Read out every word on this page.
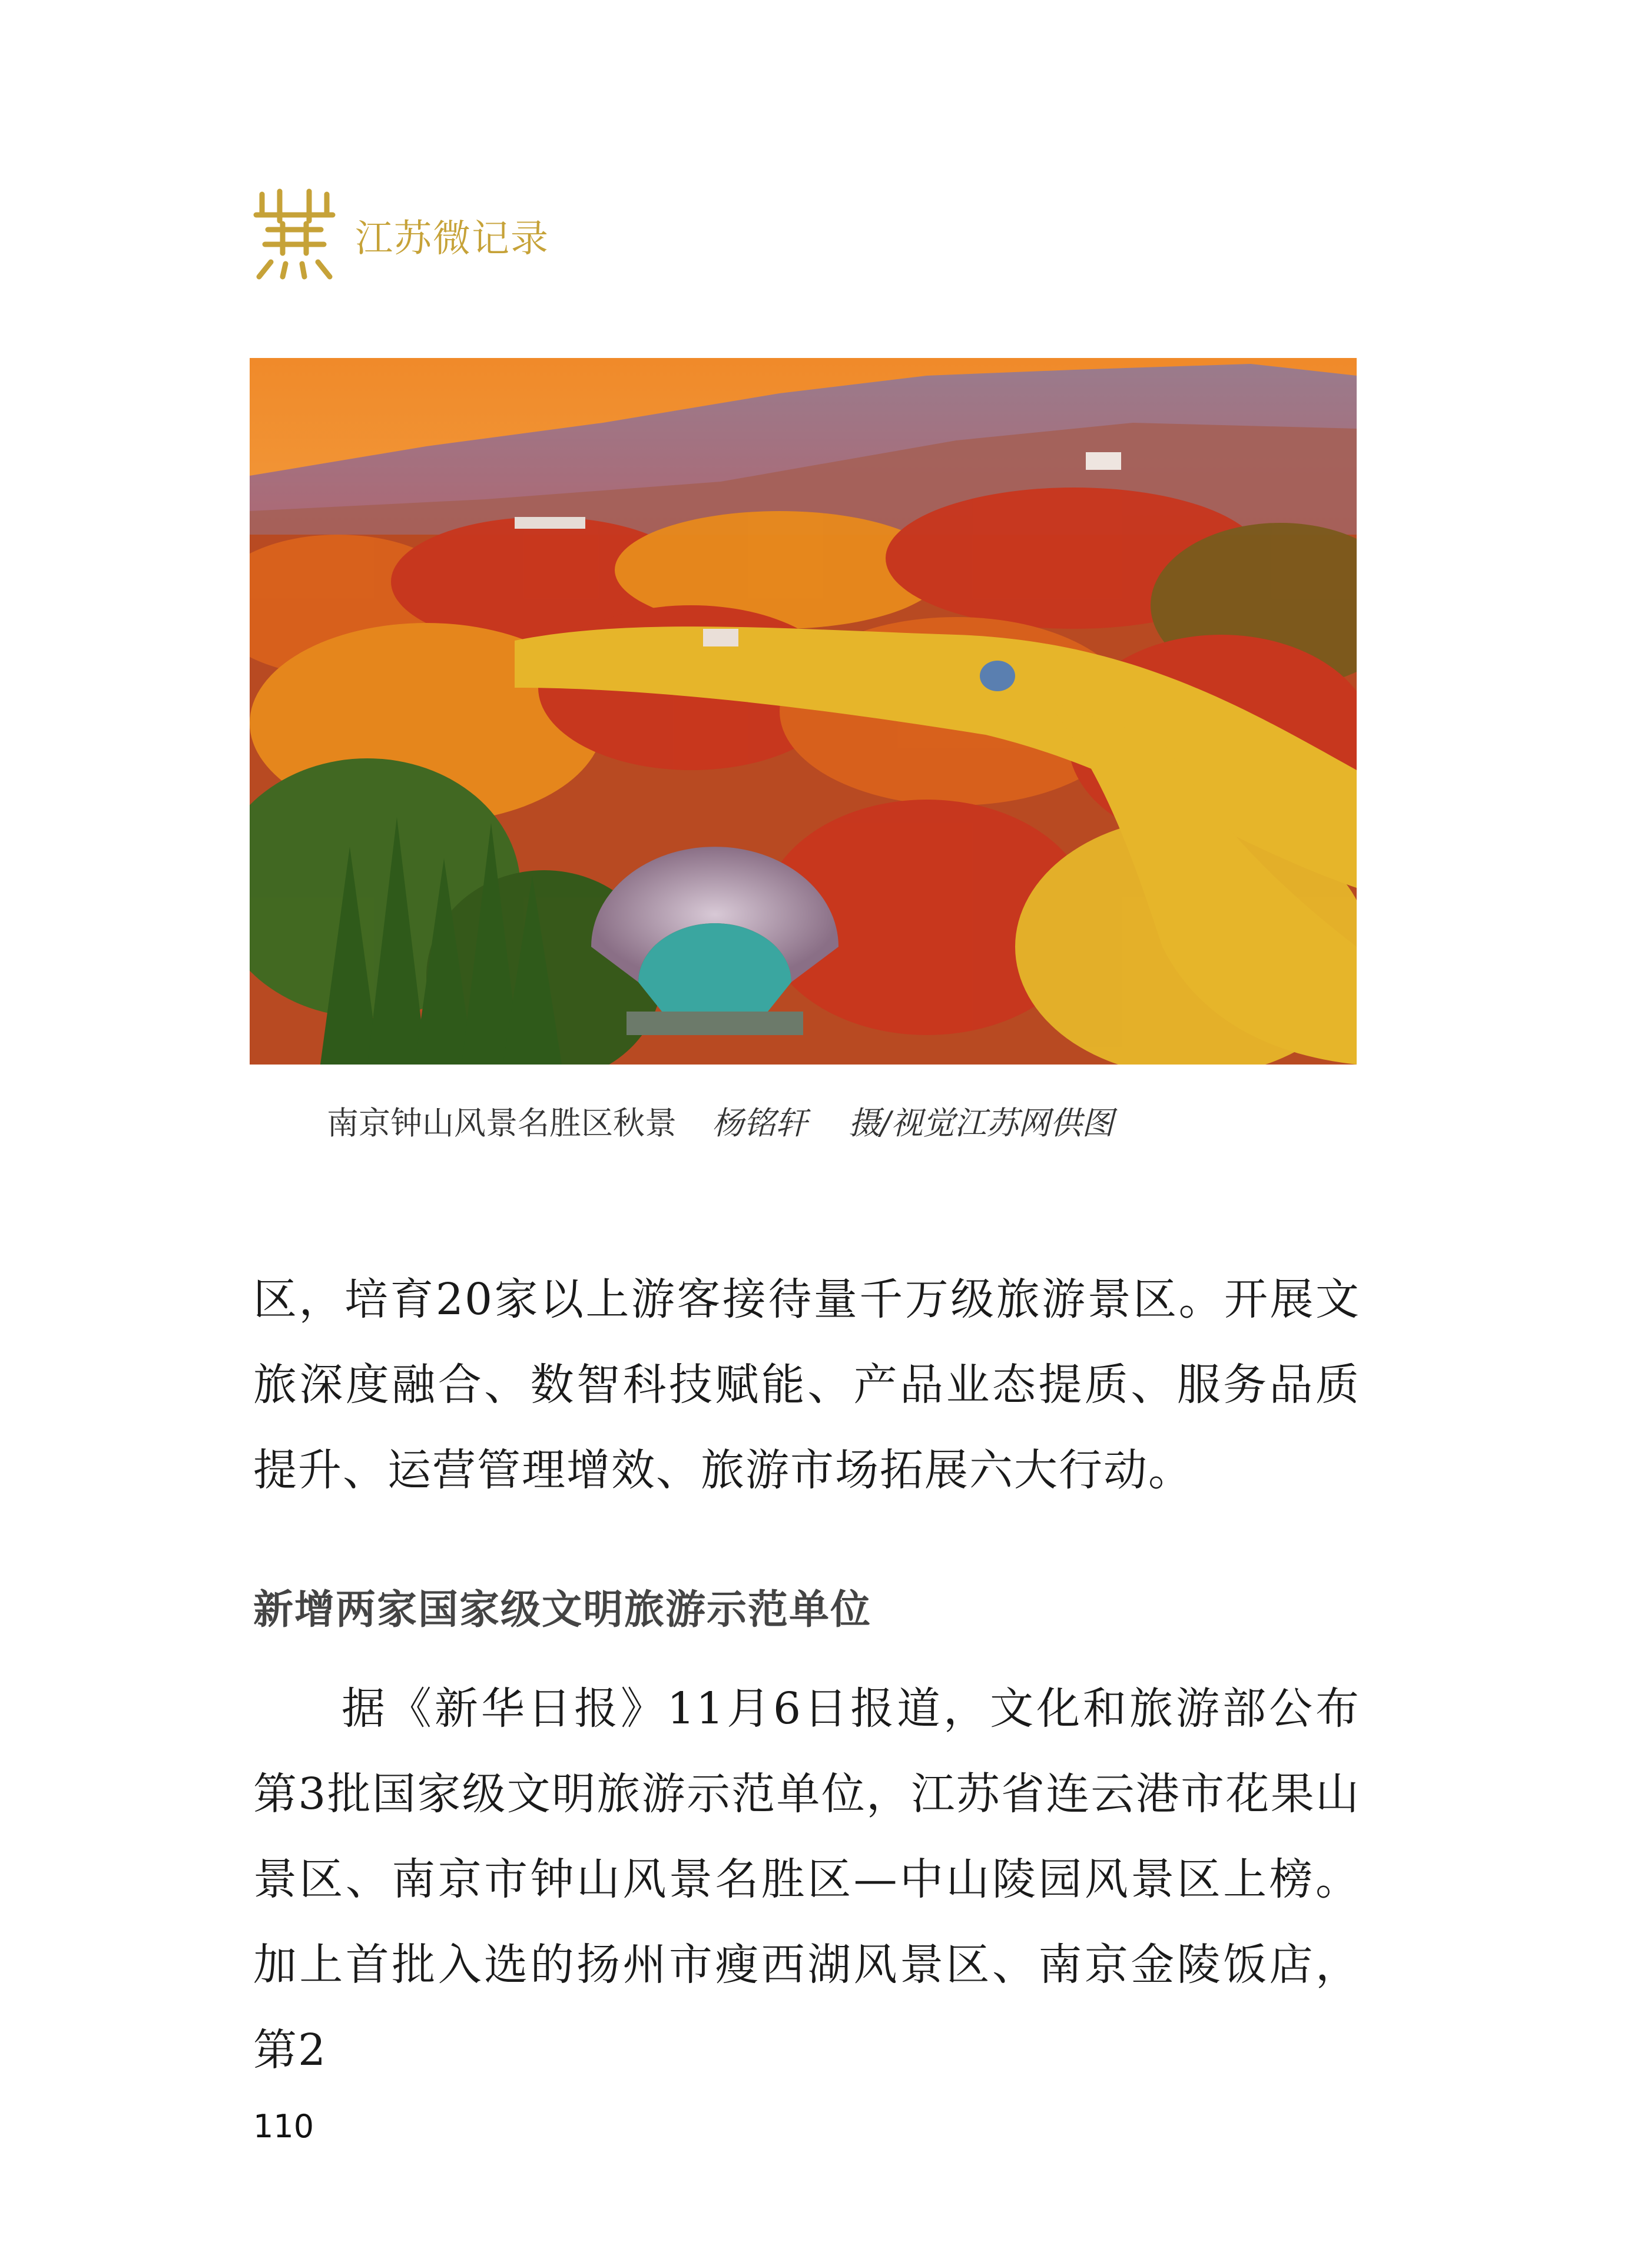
江苏微记录
南京钟山风景名胜区秋景 杨铭轩 摄/视觉江苏网供图

区，培育20家以上游客接待量千万级旅游景区。开展文旅深度融合、数智科技赋能、产品业态提质、服务品质提升、运营管理增效、旅游市场拓展六大行动。

新增两家国家级文明旅游示范单位

据《新华日报》11月6日报道，文化和旅游部公布第3批国家级文明旅游示范单位，江苏省连云港市花果山景区、南京市钟山风景名胜区—中山陵园风景区上榜。加上首批入选的扬州市瘦西湖风景区、南京金陵饭店，第2

110
